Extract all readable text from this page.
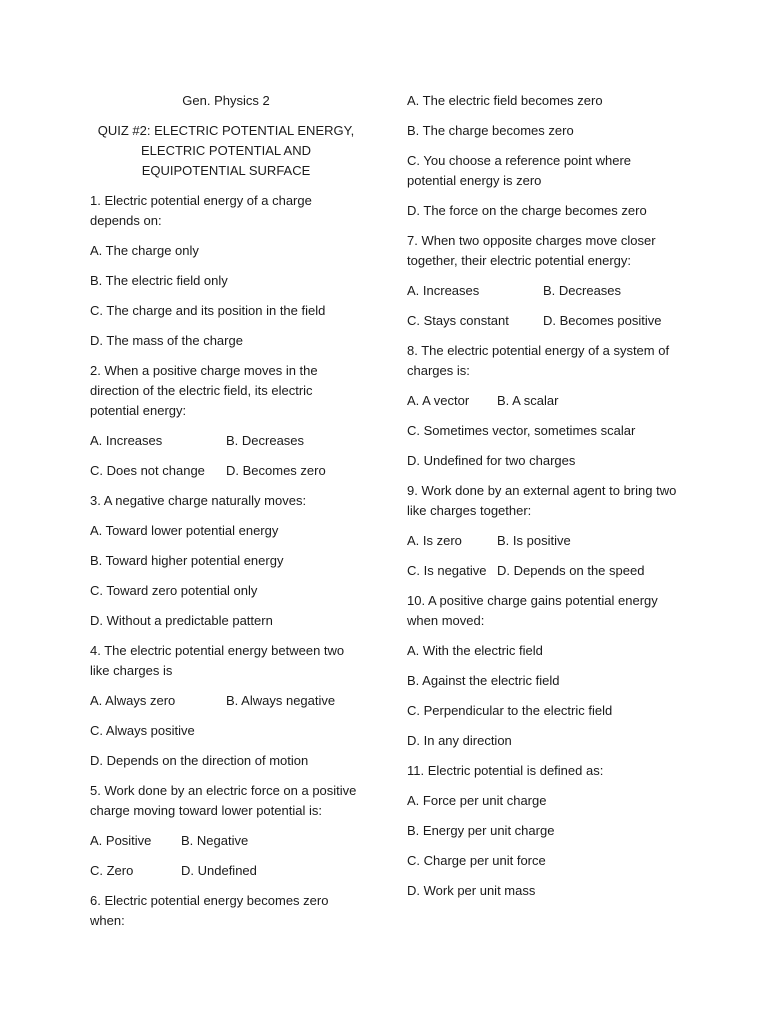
Gen. Physics 2

QUIZ #2: ELECTRIC POTENTIAL ENERGY, ELECTRIC POTENTIAL AND EQUIPOTENTIAL SURFACE

1. Electric potential energy of a charge depends on:

A. The charge only

B. The electric field only

C. The charge and its position in the field

D. The mass of the charge

2. When a positive charge moves in the direction of the electric field, its electric potential energy:

A. Increases	B. Decreases
C. Does not change	D. Becomes zero

3. A negative charge naturally moves:

A. Toward lower potential energy

B. Toward higher potential energy

C. Toward zero potential only

D. Without a predictable pattern

4. The electric potential energy between two like charges is

A. Always zero	B. Always negative

C. Always positive

D. Depends on the direction of motion

5. Work done by an electric force on a positive charge moving toward lower potential is:

A. Positive	B. Negative
C. Zero	D. Undefined

6. Electric potential energy becomes zero when:

A. The electric field becomes zero

B. The charge becomes zero

C. You choose a reference point where potential energy is zero

D. The force on the charge becomes zero

7. When two opposite charges move closer together, their electric potential energy:

A. Increases	B. Decreases
C. Stays constant	D. Becomes positive

8. The electric potential energy of a system of charges is:

A. A vector	B. A scalar

C. Sometimes vector, sometimes scalar

D. Undefined for two charges

9. Work done by an external agent to bring two like charges together:

A. Is zero	B. Is positive
C. Is negative D. Depends on the speed

10. A positive charge gains potential energy when moved:

A. With the electric field

B. Against the electric field

C. Perpendicular to the electric field

D. In any direction

11. Electric potential is defined as:

A. Force per unit charge

B. Energy per unit charge

C. Charge per unit force

D. Work per unit mass
